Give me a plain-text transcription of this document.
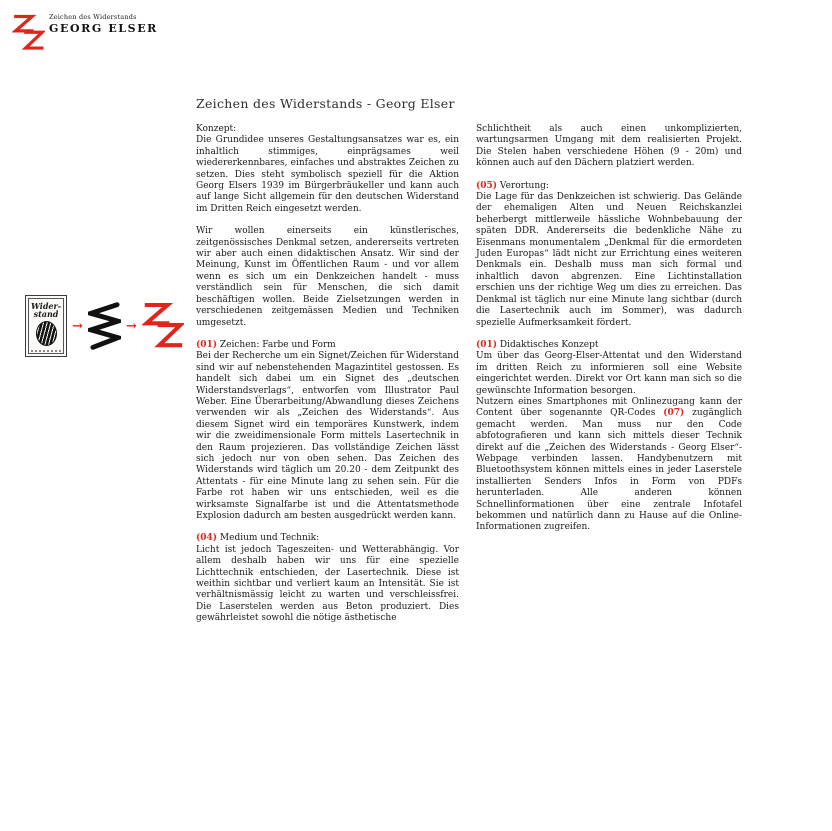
Zeichen des Widerstands
GEORG ELSER
Zeichen des Widerstands - Georg Elser

Konzept:
Die Grundidee unseres Gestaltungsansatzes war es, ein inhaltlich stimmiges, einprägsames weil wiedererkennbares, einfaches und abstraktes Zeichen zu setzen. Dies steht symbolisch speziell für die Aktion Georg Elsers 1939 im Bürgerbräukeller und kann auch auf lange Sicht allgemein für den deutschen Widerstand im Dritten Reich eingesetzt werden.

Wir wollen einerseits ein künstlerisches, zeitgenössisches Denkmal setzen, andererseits vertreten wir aber auch einen didaktischen Ansatz. Wir sind der Meinung, Kunst im Öffentlichen Raum - und vor allem wenn es sich um ein Denkzeichen handelt - muss verständlich sein für Menschen, die sich damit beschäftigen wollen. Beide Zielsetzungen werden in verschiedenen zeitgemässen Medien und Techniken umgesetzt.

(01) Zeichen: Farbe und Form
Bei der Recherche um ein Signet/Zeichen für Widerstand sind wir auf nebenstehenden Magazintitel gestossen. Es handelt sich dabei um ein Signet des „deutschen Widerstandsverlags“, entworfen vom Illustrator Paul Weber. Eine Überarbeitung/Abwandlung dieses Zeichens verwenden wir als „Zeichen des Widerstands“. Aus diesem Signet wird ein temporäres Kunstwerk, indem wir die zweidimensionale Form mittels Lasertechnik in den Raum projezieren. Das vollständige Zeichen lässt sich jedoch nur von oben sehen. Das Zeichen des Widerstands wird täglich um 20.20 - dem Zeitpunkt des Attentats - für eine Minute lang zu sehen sein. Für die Farbe rot haben wir uns entschieden, weil es die wirksamste Signalfarbe ist und die Attentatsmethode Explosion dadurch am besten ausgedrückt werden kann.

(04) Medium und Technik:
Licht ist jedoch Tageszeiten- und Wetterabhängig. Vor allem deshalb haben wir uns für eine spezielle Lichttechnik entschieden, der Lasertechnik. Diese ist weithin sichtbar und verliert kaum an Intensität. Sie ist verhältnismässig leicht zu warten und verschleissfrei. Die Laserstelen werden aus Beton produziert. Dies gewährleistet sowohl die nötige ästhetische

Schlichtheit als auch einen unkomplizierten, wartungsarmen Umgang mit dem realisierten Projekt. Die Stelen haben verschiedene Höhen (9 - 20m) und können auch auf den Dächern platziert werden.

(05) Verortung:
Die Lage für das Denkzeichen ist schwierig. Das Gelände der ehemaligen Alten und Neuen Reichskanzlei beherbergt mittlerweile hässliche Wohnbebauung der späten DDR. Andererseits die bedenkliche Nähe zu Eisenmans monumentalem „Denkmal für die ermordeten Juden Europas“ lädt nicht zur Errichtung eines weiteren Denkmals ein. Deshalb muss man sich formal und inhaltlich davon abgrenzen. Eine Lichtinstallation erschien uns der richtige Weg um dies zu erreichen. Das Denkmal ist täglich nur eine Minute lang sichtbar (durch die Lasertechnik auch im Sommer), was dadurch spezielle Aufmerksamkeit fördert.

(01) Didaktisches Konzept
Um über das Georg-Elser-Attentat und den Widerstand im dritten Reich zu informieren soll eine Website eingerichtet werden. Direkt vor Ort kann man sich so die gewünschte Information besorgen.
Nutzern eines Smartphones mit Onlinezugang kann der Content über sogenannte QR-Codes (07) zugänglich gemacht werden. Man muss nur den Code abfotografieren und kann sich mittels dieser Technik direkt auf die „Zeichen des Widerstands - Georg Elser“- Webpage verbinden lassen. Handybenutzern mit Bluetoothsystem können mittels eines in jeder Laserstele installierten Senders Infos in Form von PDFs herunterladen. Alle anderen können Schnellinformationen über eine zentrale Infotafel bekommen und natürlich dann zu Hause auf die Online-Informationen zugreifen.

Wider-
stand
→	→
